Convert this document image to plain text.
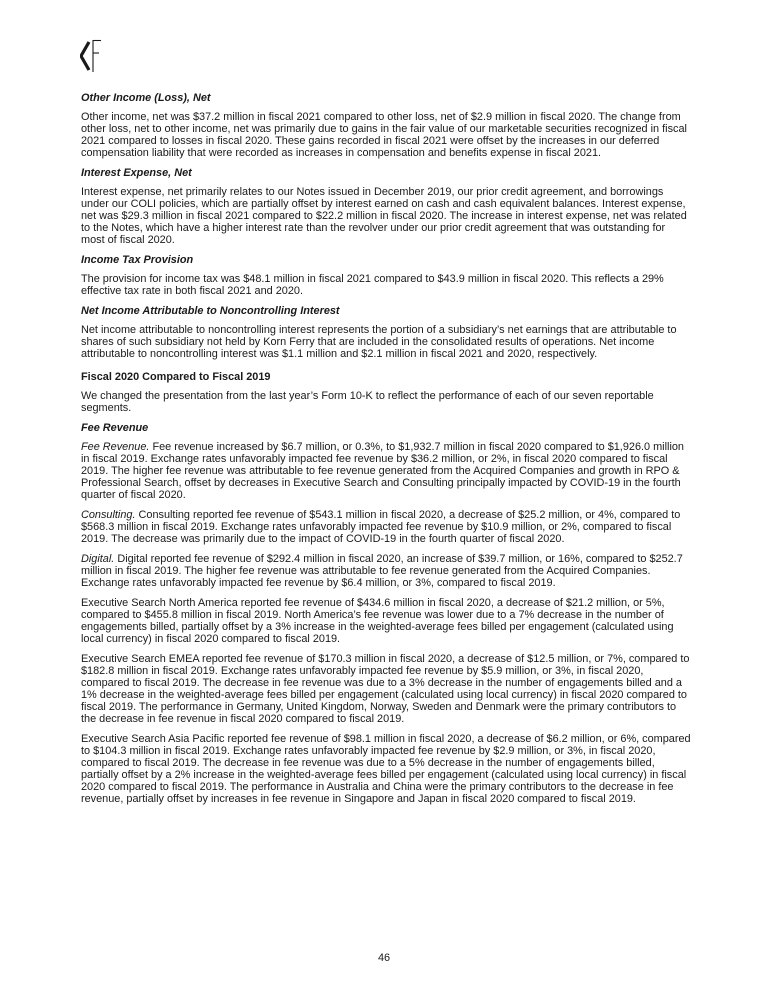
Other Income (Loss), Net
Other income, net was $37.2 million in fiscal 2021 compared to other loss, net of $2.9 million in fiscal 2020. The change from other loss, net to other income, net was primarily due to gains in the fair value of our marketable securities recognized in fiscal 2021 compared to losses in fiscal 2020. These gains recorded in fiscal 2021 were offset by the increases in our deferred compensation liability that were recorded as increases in compensation and benefits expense in fiscal 2021.
Interest Expense, Net
Interest expense, net primarily relates to our Notes issued in December 2019, our prior credit agreement, and borrowings under our COLI policies, which are partially offset by interest earned on cash and cash equivalent balances. Interest expense, net was $29.3 million in fiscal 2021 compared to $22.2 million in fiscal 2020. The increase in interest expense, net was related to the Notes, which have a higher interest rate than the revolver under our prior credit agreement that was outstanding for most of fiscal 2020.
Income Tax Provision
The provision for income tax was $48.1 million in fiscal 2021 compared to $43.9 million in fiscal 2020. This reflects a 29% effective tax rate in both fiscal 2021 and 2020.
Net Income Attributable to Noncontrolling Interest
Net income attributable to noncontrolling interest represents the portion of a subsidiary’s net earnings that are attributable to shares of such subsidiary not held by Korn Ferry that are included in the consolidated results of operations. Net income attributable to noncontrolling interest was $1.1 million and $2.1 million in fiscal 2021 and 2020, respectively.
Fiscal 2020 Compared to Fiscal 2019
We changed the presentation from the last year’s Form 10-K to reflect the performance of each of our seven reportable segments.
Fee Revenue
Fee Revenue. Fee revenue increased by $6.7 million, or 0.3%, to $1,932.7 million in fiscal 2020 compared to $1,926.0 million in fiscal 2019. Exchange rates unfavorably impacted fee revenue by $36.2 million, or 2%, in fiscal 2020 compared to fiscal 2019. The higher fee revenue was attributable to fee revenue generated from the Acquired Companies and growth in RPO & Professional Search, offset by decreases in Executive Search and Consulting principally impacted by COVID-19 in the fourth quarter of fiscal 2020.
Consulting. Consulting reported fee revenue of $543.1 million in fiscal 2020, a decrease of $25.2 million, or 4%, compared to $568.3 million in fiscal 2019. Exchange rates unfavorably impacted fee revenue by $10.9 million, or 2%, compared to fiscal 2019. The decrease was primarily due to the impact of COVID-19 in the fourth quarter of fiscal 2020.
Digital. Digital reported fee revenue of $292.4 million in fiscal 2020, an increase of $39.7 million, or 16%, compared to $252.7 million in fiscal 2019. The higher fee revenue was attributable to fee revenue generated from the Acquired Companies. Exchange rates unfavorably impacted fee revenue by $6.4 million, or 3%, compared to fiscal 2019.
Executive Search North America reported fee revenue of $434.6 million in fiscal 2020, a decrease of $21.2 million, or 5%, compared to $455.8 million in fiscal 2019. North America’s fee revenue was lower due to a 7% decrease in the number of engagements billed, partially offset by a 3% increase in the weighted-average fees billed per engagement (calculated using local currency) in fiscal 2020 compared to fiscal 2019.
Executive Search EMEA reported fee revenue of $170.3 million in fiscal 2020, a decrease of $12.5 million, or 7%, compared to $182.8 million in fiscal 2019. Exchange rates unfavorably impacted fee revenue by $5.9 million, or 3%, in fiscal 2020, compared to fiscal 2019. The decrease in fee revenue was due to a 3% decrease in the number of engagements billed and a 1% decrease in the weighted-average fees billed per engagement (calculated using local currency) in fiscal 2020 compared to fiscal 2019. The performance in Germany, United Kingdom, Norway, Sweden and Denmark were the primary contributors to the decrease in fee revenue in fiscal 2020 compared to fiscal 2019.
Executive Search Asia Pacific reported fee revenue of $98.1 million in fiscal 2020, a decrease of $6.2 million, or 6%, compared to $104.3 million in fiscal 2019. Exchange rates unfavorably impacted fee revenue by $2.9 million, or 3%, in fiscal 2020, compared to fiscal 2019. The decrease in fee revenue was due to a 5% decrease in the number of engagements billed, partially offset by a 2% increase in the weighted-average fees billed per engagement (calculated using local currency) in fiscal 2020 compared to fiscal 2019. The performance in Australia and China were the primary contributors to the decrease in fee revenue, partially offset by increases in fee revenue in Singapore and Japan in fiscal 2020 compared to fiscal 2019.
46
